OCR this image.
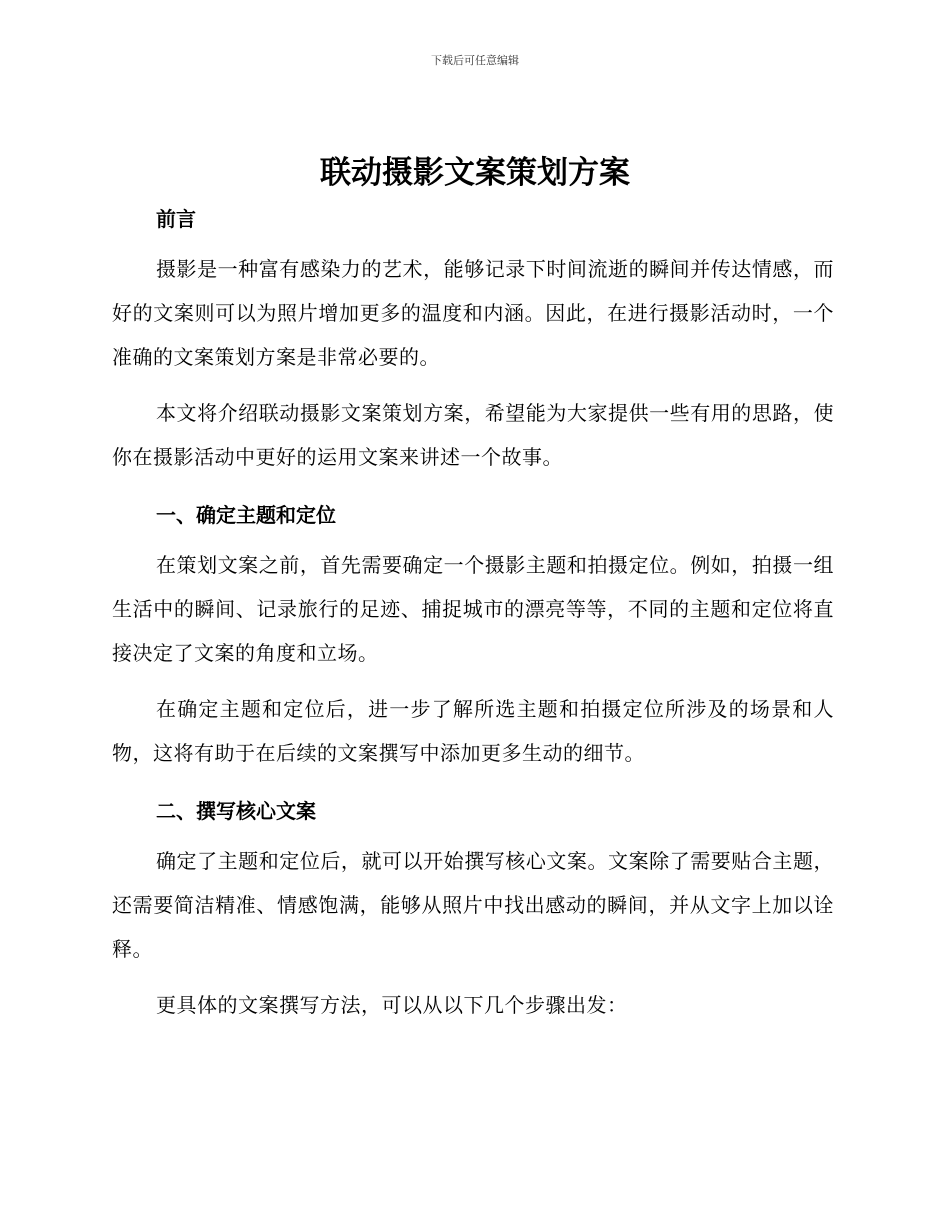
下载后可任意编辑
联动摄影文案策划方案
前言

摄影是一种富有感染力的艺术，能够记录下时间流逝的瞬间并传达情感，而好的文案则可以为照片增加更多的温度和内涵。因此，在进行摄影活动时，一个准确的文案策划方案是非常必要的。

本文将介绍联动摄影文案策划方案，希望能为大家提供一些有用的思路，使你在摄影活动中更好的运用文案来讲述一个故事。

一、确定主题和定位

在策划文案之前，首先需要确定一个摄影主题和拍摄定位。例如，拍摄一组生活中的瞬间、记录旅行的足迹、捕捉城市的漂亮等等，不同的主题和定位将直接决定了文案的角度和立场。

在确定主题和定位后，进一步了解所选主题和拍摄定位所涉及的场景和人物，这将有助于在后续的文案撰写中添加更多生动的细节。

二、撰写核心文案

确定了主题和定位后，就可以开始撰写核心文案。文案除了需要贴合主题，还需要简洁精准、情感饱满，能够从照片中找出感动的瞬间，并从文字上加以诠释。

更具体的文案撰写方法，可以从以下几个步骤出发：
